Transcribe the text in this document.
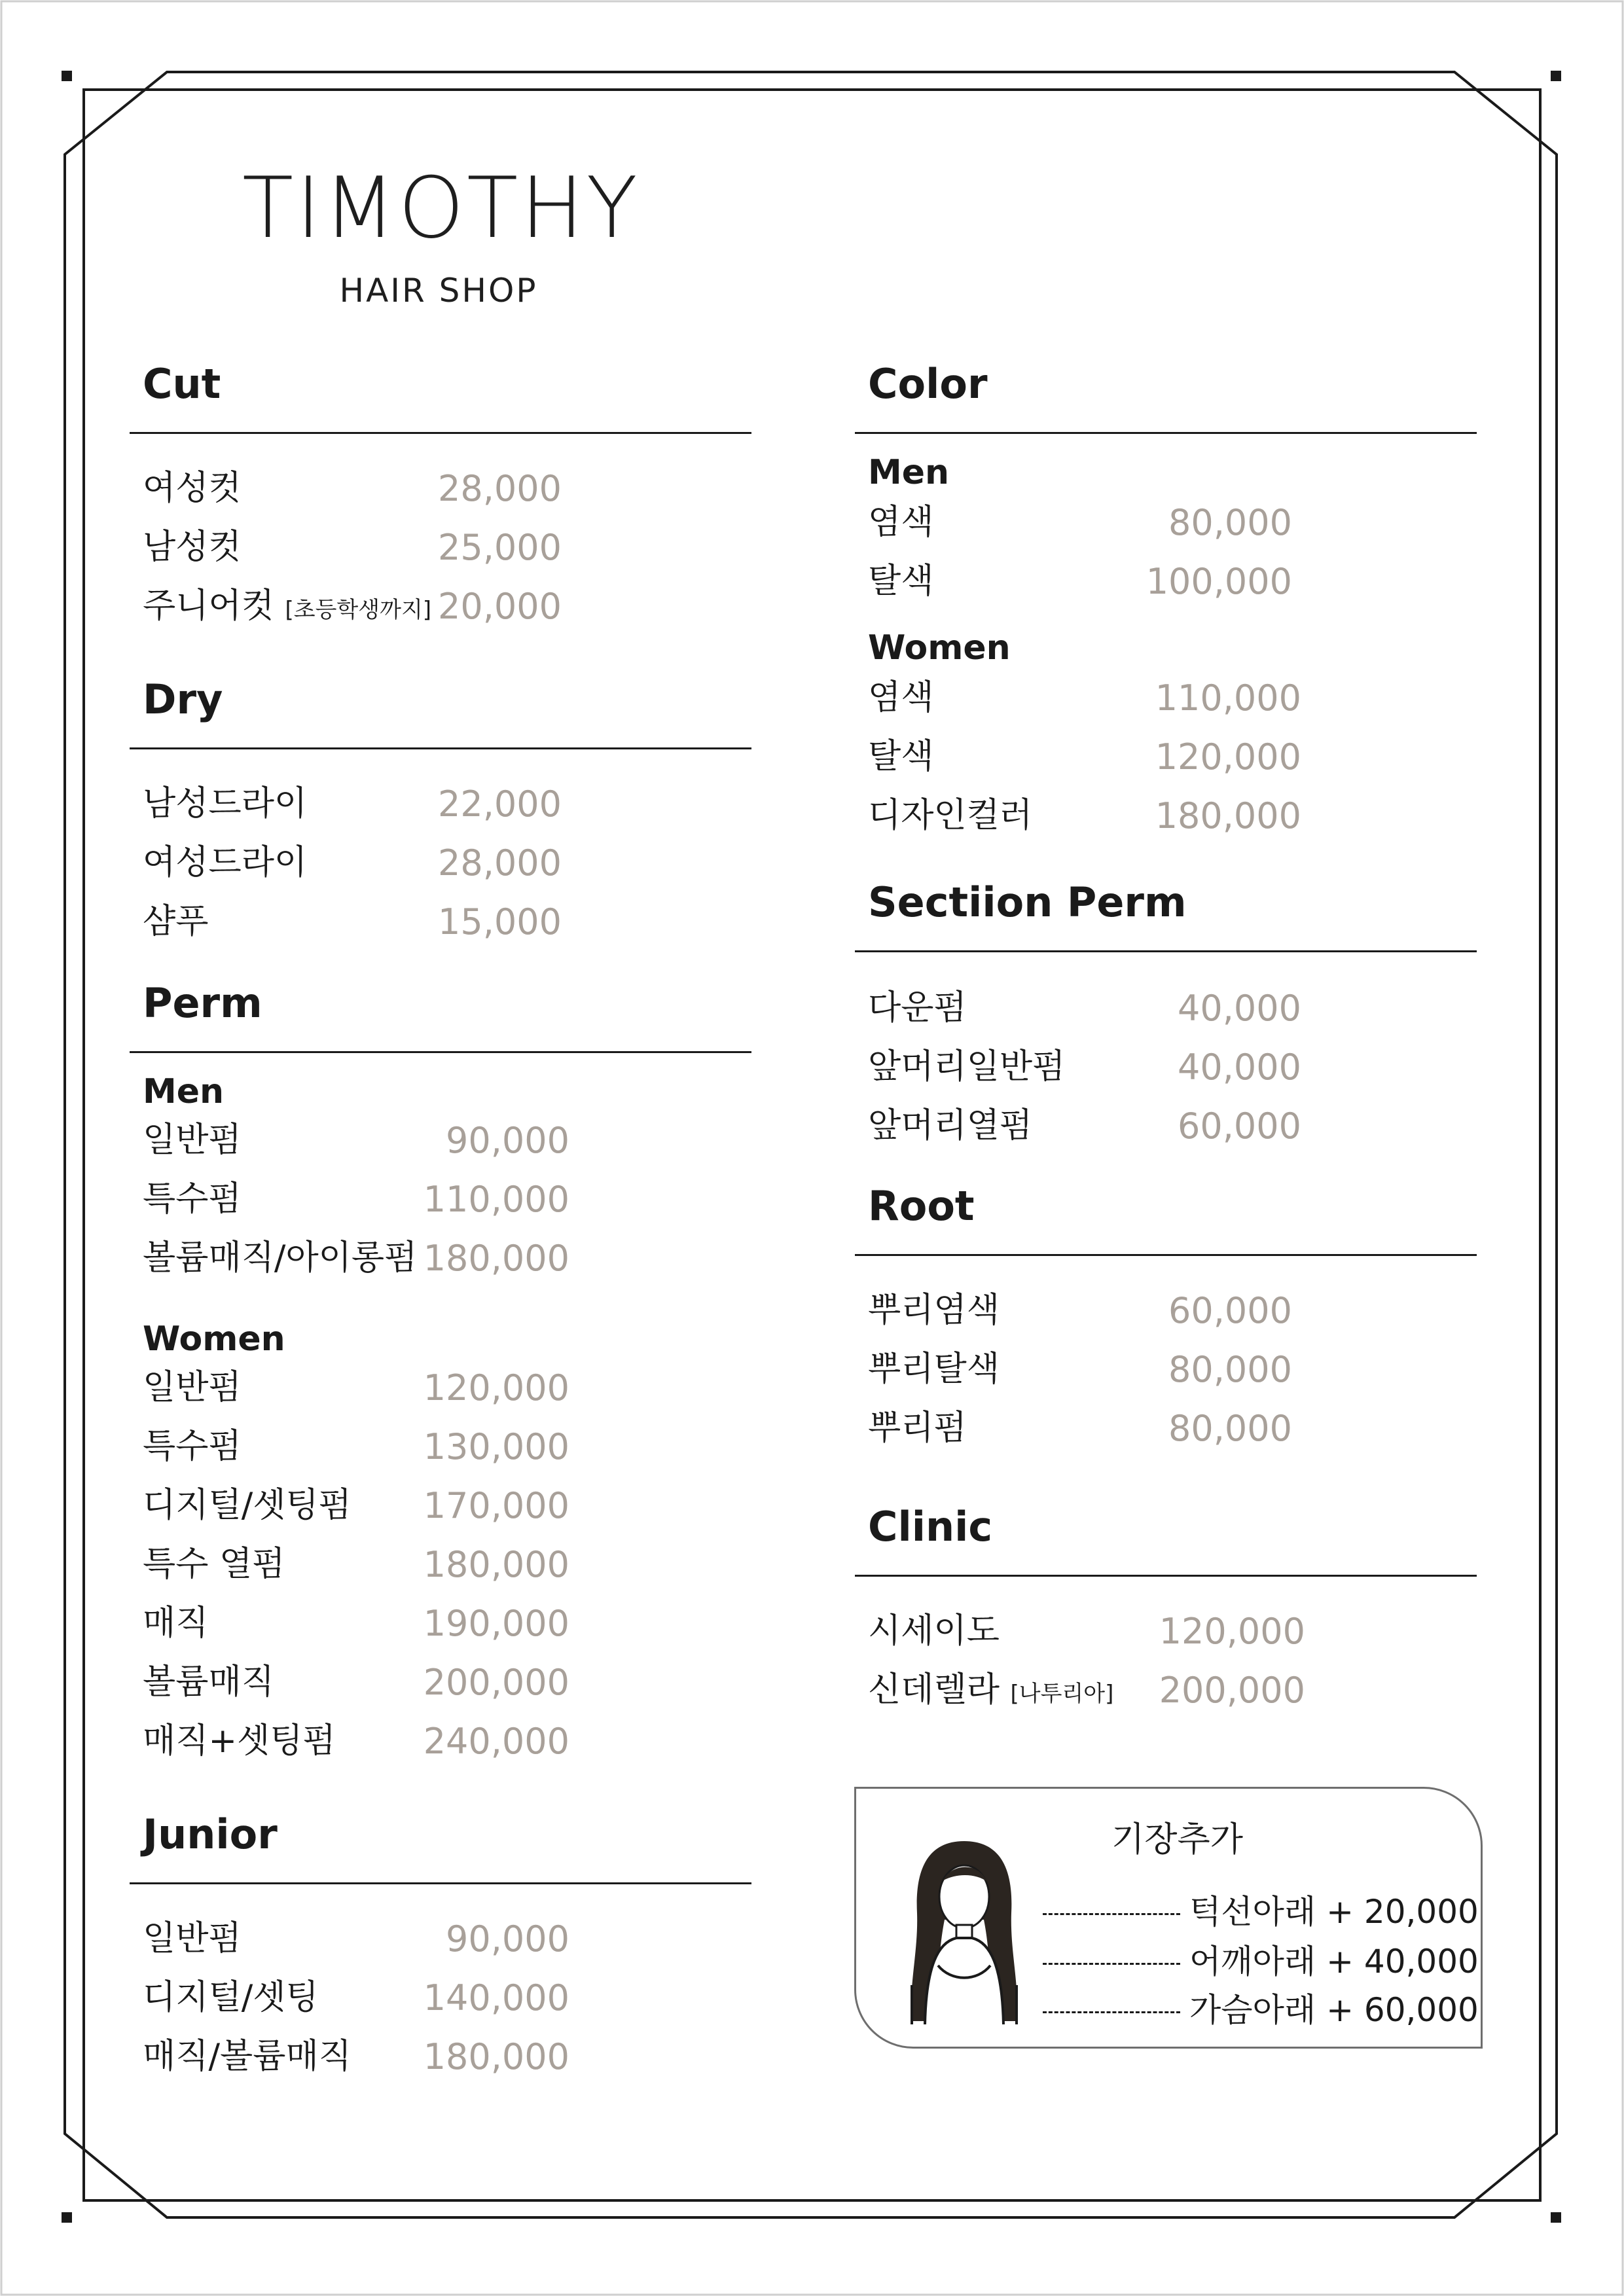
TIMOTHY
HAIR SHOP
Cut
여성컷	28,000
남성컷	25,000
주니어컷 [초등학생까지] 20,000
Dry
남성드라이	22,000
여성드라이	28,000
샴푸	15,000
Perm
Men
일반펌	90,000
특수펌	110,000
볼륨매직/아이롱펌 180,000
Women
일반펌	120,000
특수펌	130,000
디지털/셋팅펌 170,000
특수 열펌	180,000
매직	190,000
볼륨매직	200,000
매직+셋팅펌 240,000
Junior
일반펌	90,000
디지털/셋팅	140,000
매직/볼륨매직 180,000
Color
Men
염색	80,000
탈색	100,000
Women
염색	110,000
탈색	120,000
디자인컬러	180,000
Sectiion Perm
다운펌	40,000
앞머리일반펌	40,000
앞머리열펌	60,000
Root
뿌리염색	60,000
뿌리탈색	80,000
뿌리펌	80,000
Clinic
시세이도	120,000
신데렐라 [나투리아] 200,000
기장추가
턱선아래 + 20,000
어깨아래 + 40,000
가슴아래 + 60,000
